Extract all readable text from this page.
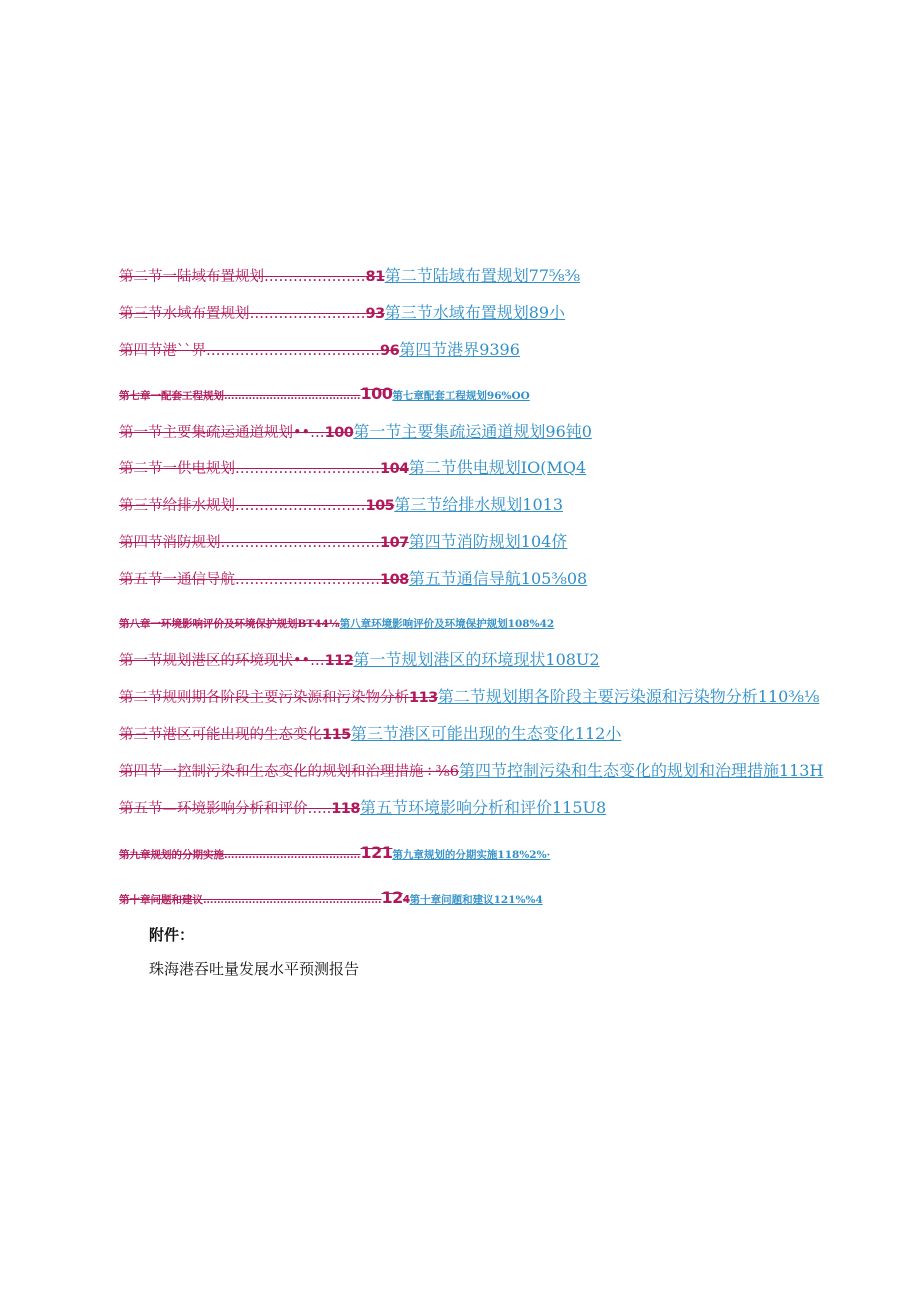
第二节一陆域布置规划…………………81第二节陆域布置规划77⅝⅜
第三节水域布置规划……………………93第三节水域布置规划89小
第四节港``界………………………………96第四节港界9396
第七章一配套工程规划…………………………………100第七章配套工程规划96%OO
第一节主要集疏运通道规划••…100第一节主要集疏运通道规划96钝0
第二节一供电规划…………………………104第二节供电规划IO(MQ4
第三节给排水规划………………………105第三节给排水规划1013
第四节消防规划……………………………107第四节消防规划104侪
第五节一通信导航…………………………108第五节通信导航105⅜08
第八章一环境影响评价及环境保护规划BT44⅛第八章环境影响评价及环境保护规划108%42
第一节规划港区的环境现状••…112第一节规划港区的环境现状108U2
第二节规则期各阶段主要污染源和污染物分析113第二节规划期各阶段主要污染源和污染物分析110⅜⅛
第三节港区可能出现的生态变化115第三节港区可能出现的生态变化112小
第四节一控制污染和生态变化的规划和治理措施÷⅜6第四节控制污染和生态变化的规划和治理措施113H
第五节—环境影响分析和评价…..118第五节环境影响分析和评价115U8
第九章规划的分期实施…………………………………121第九章规划的分期实施118%2%·
第十章问题和建议……………………………………………124第十章问题和建议121%%4
附件：
珠海港吞吐量发展水平预测报告
